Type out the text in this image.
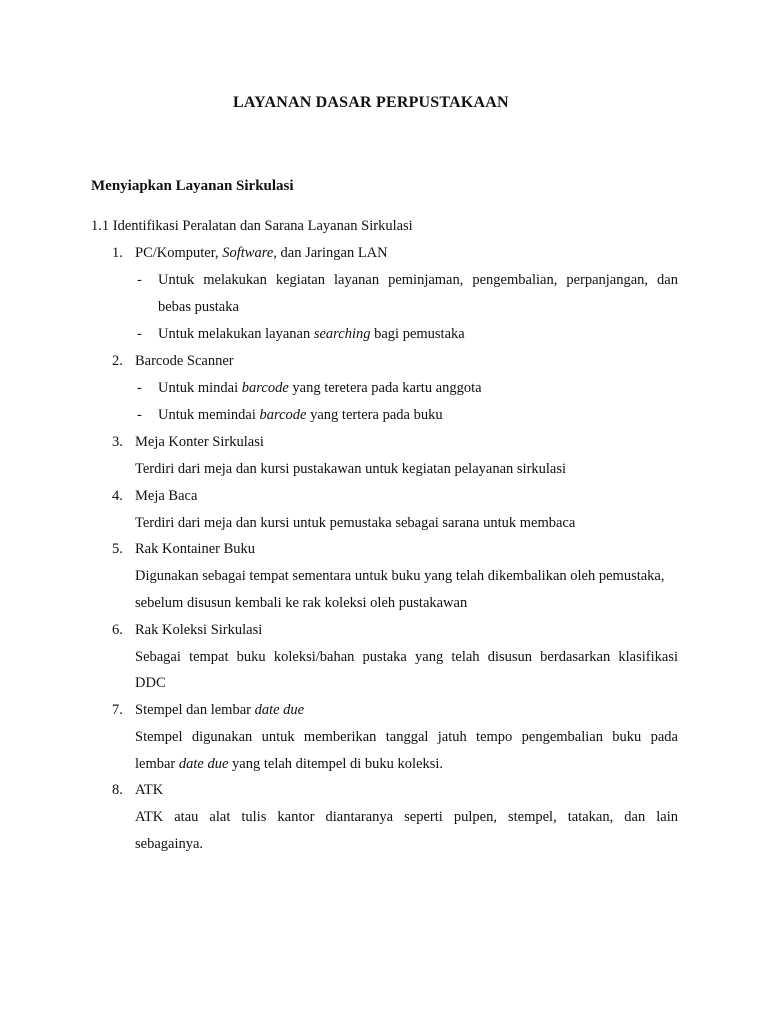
LAYANAN DASAR PERPUSTAKAAN
Menyiapkan Layanan Sirkulasi
1.1 Identifikasi Peralatan dan Sarana Layanan Sirkulasi
1. PC/Komputer, Software, dan Jaringan LAN
- Untuk melakukan kegiatan layanan peminjaman, pengembalian, perpanjangan, dan
bebas pustaka
- Untuk melakukan layanan searching bagi pemustaka
2. Barcode Scanner
- Untuk mindai barcode yang teretera pada kartu anggota
- Untuk memindai barcode yang tertera pada buku
3. Meja Konter Sirkulasi
Terdiri dari meja dan kursi pustakawan untuk kegiatan pelayanan sirkulasi
4. Meja Baca
Terdiri dari meja dan kursi untuk pemustaka sebagai sarana untuk membaca
5. Rak Kontainer Buku
Digunakan sebagai tempat sementara untuk buku yang telah dikembalikan oleh pemustaka,
sebelum disusun kembali ke rak koleksi oleh pustakawan
6. Rak Koleksi Sirkulasi
Sebagai tempat buku koleksi/bahan pustaka yang telah disusun berdasarkan klasifikasi
DDC
7. Stempel dan lembar date due
Stempel digunakan untuk memberikan tanggal jatuh tempo pengembalian buku pada
lembar date due yang telah ditempel di buku koleksi.
8. ATK
ATK atau alat tulis kantor diantaranya seperti pulpen, stempel, tatakan, dan lain
sebagainya.
